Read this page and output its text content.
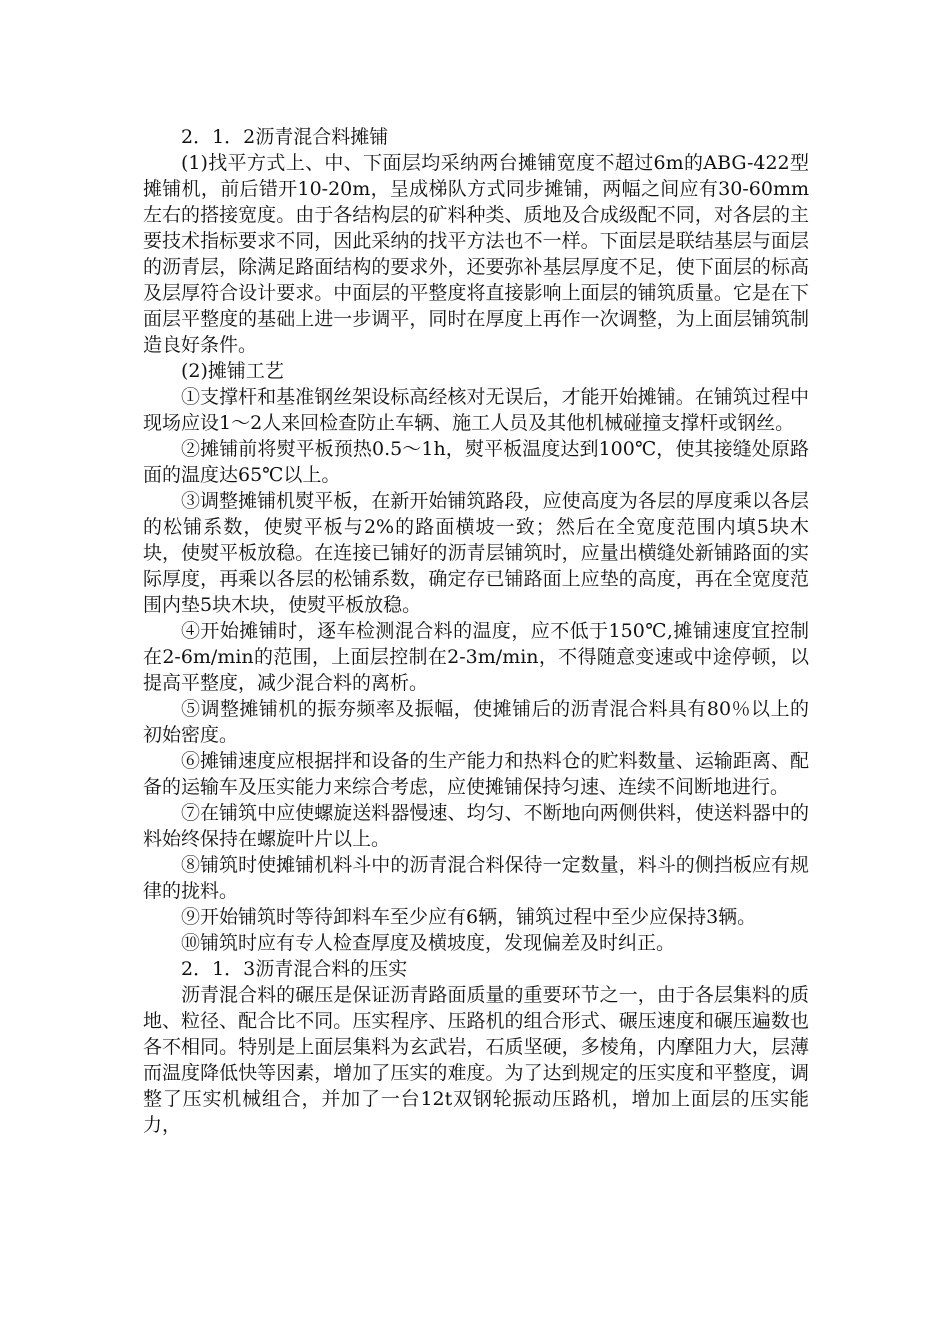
2．1．2沥青混合料摊铺

(1)找平方式上、中、下面层均采纳两台摊铺宽度不超过6m的ABG-422型摊铺机，前后错开10-20m，呈成梯队方式同步摊铺，两幅之间应有30-60mm左右的搭接宽度。由于各结构层的矿料种类、质地及合成级配不同，对各层的主要技术指标要求不同，因此采纳的找平方法也不一样。下面层是联结基层与面层的沥青层，除满足路面结构的要求外，还要弥补基层厚度不足，使下面层的标高及层厚符合设计要求。中面层的平整度将直接影响上面层的铺筑质量。它是在下面层平整度的基础上进一步调平，同时在厚度上再作一次调整，为上面层铺筑制造良好条件。

(2)摊铺工艺

①支撑杆和基准钢丝架设标高经核对无误后，才能开始摊铺。在铺筑过程中现场应设1～2人来回检查防止车辆、施工人员及其他机械碰撞支撑杆或钢丝。

②摊铺前将熨平板预热0.5～1h，熨平板温度达到100℃，使其接缝处原路面的温度达65℃以上。

③调整摊铺机熨平板，在新开始铺筑路段，应使高度为各层的厚度乘以各层的松铺系数，使熨平板与2%的路面横坡一致；然后在全宽度范围内填5块木块，使熨平板放稳。在连接已铺好的沥青层铺筑时，应量出横缝处新铺路面的实际厚度，再乘以各层的松铺系数，确定存已铺路面上应垫的高度，再在全宽度范围内垫5块木块，使熨平板放稳。

④开始摊铺时，逐车检测混合料的温度，应不低于150℃,摊铺速度宜控制在2-6m/min的范围，上面层控制在2-3m/min，不得随意变速或中途停顿，以提高平整度，减少混合料的离析。

⑤调整摊铺机的振夯频率及振幅，使摊铺后的沥青混合料具有80％以上的初始密度。

⑥摊铺速度应根据拌和设备的生产能力和热料仓的贮料数量、运输距离、配备的运输车及压实能力来综合考虑，应使摊铺保持匀速、连续不间断地进行。

⑦在铺筑中应使螺旋送料器慢速、均匀、不断地向两侧供料，使送料器中的料始终保持在螺旋叶片以上。

⑧铺筑时使摊铺机料斗中的沥青混合料保待一定数量，料斗的侧挡板应有规律的拢料。

⑨开始铺筑时等待卸料车至少应有6辆，铺筑过程中至少应保持3辆。

⑩铺筑时应有专人检查厚度及横坡度，发现偏差及时纠正。

2．1．3沥青混合料的压实

沥青混合料的碾压是保证沥青路面质量的重要环节之一，由于各层集料的质地、粒径、配合比不同。压实程序、压路机的组合形式、碾压速度和碾压遍数也各不相同。特别是上面层集料为玄武岩，石质坚硬，多棱角，内摩阻力大，层薄而温度降低快等因素，增加了压实的难度。为了达到规定的压实度和平整度，调整了压实机械组合，并加了一台12t双钢轮振动压路机，增加上面层的压实能力，
